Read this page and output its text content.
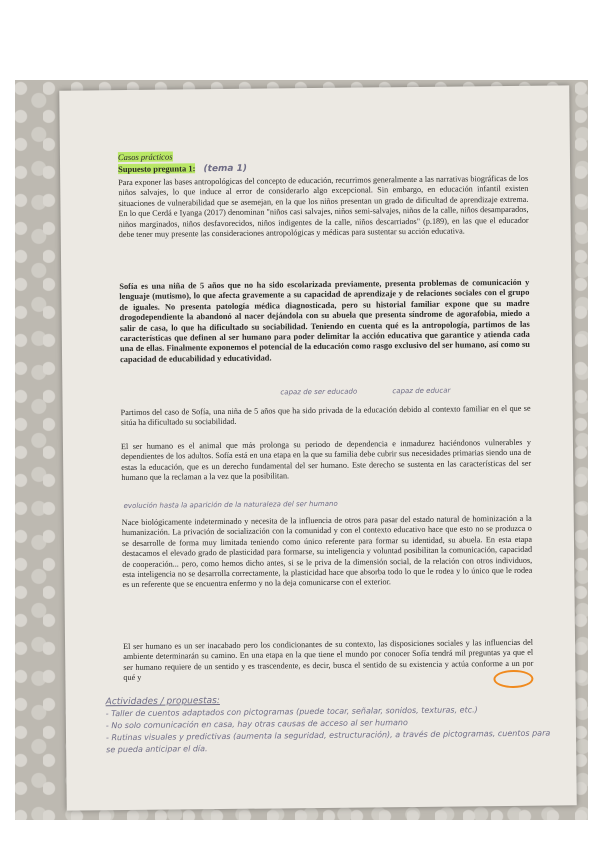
Casos prácticos
Supuesto pregunta 1: (tema 1)
Para exponer las bases antropológicas del concepto de educación, recurrimos generalmente a las narrativas biográficas de los niños salvajes, lo que induce al error de considerarlo algo excepcional. Sin embargo, en educación infantil existen situaciones de vulnerabilidad que se asemejan, en la que los niños presentan un grado de dificultad de aprendizaje extrema. En lo que Cerdá e Iyanga (2017) denominan "niños casi salvajes, niños semi-salvajes, niños de la calle, niños desamparados, niños marginados, niños desfavorecidos, niños indigentes de la calle, niños descarriados" (p.189), en las que el educador debe tener muy presente las consideraciones antropológicas y médicas para sustentar su acción educativa.
Sofía es una niña de 5 años que no ha sido escolarizada previamente, presenta problemas de comunicación y lenguaje (mutismo), lo que afecta gravemente a su capacidad de aprendizaje y de relaciones sociales con el grupo de iguales. No presenta patología médica diagnosticada, pero su historial familiar expone que su madre drogodependiente la abandonó al nacer dejándola con su abuela que presenta síndrome de agorafobia, miedo a salir de casa, lo que ha dificultado su sociabilidad. Teniendo en cuenta qué es la antropología, partimos de las características que definen al ser humano para poder delimitar la acción educativa que garantice y atienda cada una de ellas. Finalmente exponemos el potencial de la educación como rasgo exclusivo del ser humano, así como su capacidad de educabilidad y educatividad.
capaz de ser educado	capaz de educar
Partimos del caso de Sofía, una niña de 5 años que ha sido privada de la educación debido al contexto familiar en el que se sitúa ha dificultado su sociabilidad.
El ser humano es el animal que más prolonga su periodo de dependencia e inmadurez haciéndonos vulnerables y dependientes de los adultos. Sofía está en una etapa en la que su familia debe cubrir sus necesidades primarias siendo una de estas la educación, que es un derecho fundamental del ser humano. Este derecho se sustenta en las características del ser humano que la reclaman a la vez que la posibilitan.
evolución hasta la aparición de la naturaleza del ser humano
Nace biológicamente indeterminado y necesita de la influencia de otros para pasar del estado natural de hominización a la humanización. La privación de socialización con la comunidad y con el contexto educativo hace que esto no se produzca o se desarrolle de forma muy limitada teniendo como único referente para formar su identidad, su abuela. En esta etapa destacamos el elevado grado de plasticidad para formarse, su inteligencia y voluntad posibilitan la comunicación, capacidad de cooperación... pero, como hemos dicho antes, si se le priva de la dimensión social, de la relación con otros individuos, esta inteligencia no se desarrolla correctamente, la plasticidad hace que absorba todo lo que le rodea y lo único que le rodea es un referente que se encuentra enfermo y no la deja comunicarse con el exterior.
El ser humano es un ser inacabado pero los condicionantes de su contexto, las disposiciones sociales y las influencias del ambiente determinarán su camino. En una etapa en la que tiene el mundo por conocer Sofía tendrá mil preguntas ya que el ser humano requiere de un sentido y es trascendente, es decir, busca el sentido de su existencia y actúa conforme a un por qué y
Actividades / propuestas:
- Taller de cuentos adaptados con pictogramas (puede tocar, señalar, sonidos, texturas, etc.)
- No solo comunicación en casa, hay otras causas de acceso al ser humano
- Rutinas visuales y predictivas (aumenta la seguridad, estructuración), a través de pictogramas, cuentos para se pueda anticipar el día.
